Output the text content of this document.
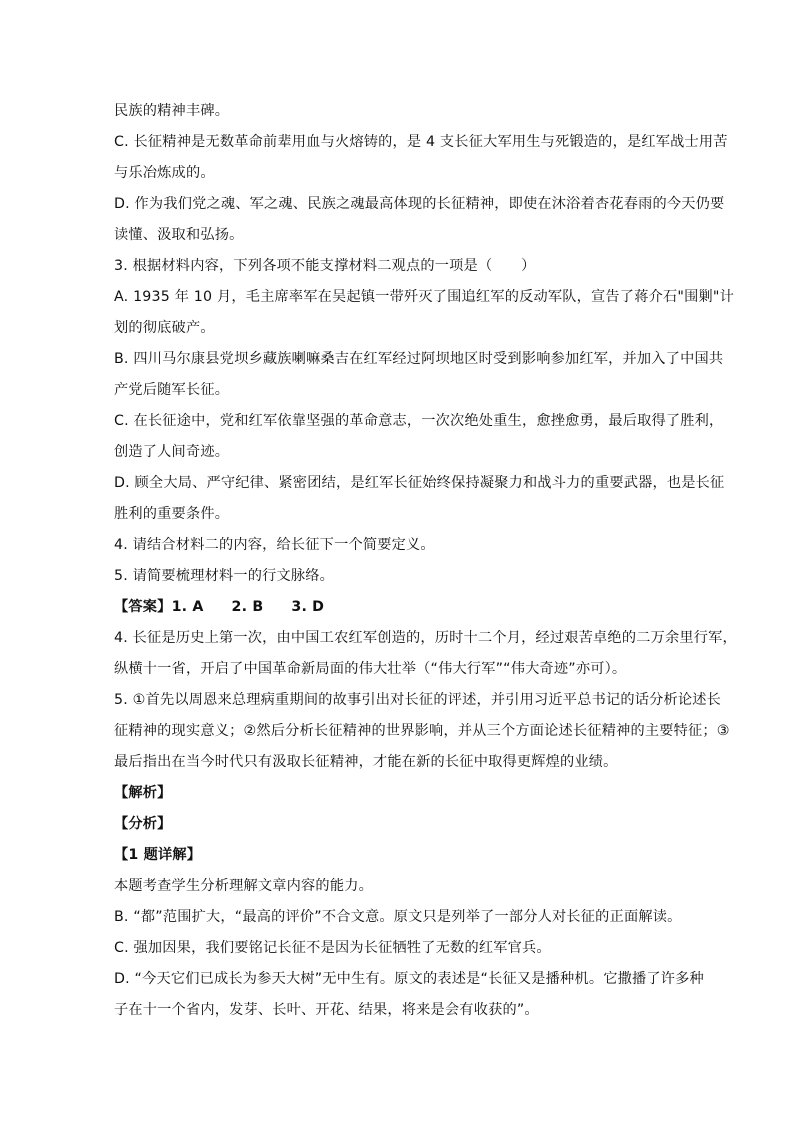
民族的精神丰碑。
C. 长征精神是无数革命前辈用血与火熔铸的，是 4 支长征大军用生与死锻造的，是红军战士用苦
与乐冶炼成的。
D. 作为我们党之魂、军之魂、民族之魂最高体现的长征精神，即使在沐浴着杏花春雨的今天仍要
读懂、汲取和弘扬。
3. 根据材料内容，下列各项不能支撑材料二观点的一项是（　　）
A. 1935 年 10 月，毛主席率军在吴起镇一带歼灭了围追红军的反动军队，宣告了蒋介石"围剿"计
划的彻底破产。
B. 四川马尔康县党坝乡藏族喇嘛桑吉在红军经过阿坝地区时受到影响参加红军，并加入了中国共
产党后随军长征。
C. 在长征途中，党和红军依靠坚强的革命意志，一次次绝处重生，愈挫愈勇，最后取得了胜利，
创造了人间奇迹。
D. 顾全大局、严守纪律、紧密团结，是红军长征始终保持凝聚力和战斗力的重要武器，也是长征
胜利的重要条件。
4. 请结合材料二的内容，给长征下一个简要定义。
5. 请简要梳理材料一的行文脉络。
【答案】1. A 2. B 3. D
4. 长征是历史上第一次，由中国工农红军创造的，历时十二个月，经过艰苦卓绝的二万余里行军，
纵横十一省，开启了中国革命新局面的伟大壮举（“伟大行军”“伟大奇迹”亦可）。
5. ①首先以周恩来总理病重期间的故事引出对长征的评述，并引用习近平总书记的话分析论述长
征精神的现实意义；②然后分析长征精神的世界影响，并从三个方面论述长征精神的主要特征；③
最后指出在当今时代只有汲取长征精神，才能在新的长征中取得更辉煌的业绩。
【解析】
【分析】
【1 题详解】
本题考查学生分析理解文章内容的能力。
B. “都”范围扩大，“最高的评价”不合文意。原文只是列举了一部分人对长征的正面解读。
C. 强加因果，我们要铭记长征不是因为长征牺牲了无数的红军官兵。
D. “今天它们已成长为参天大树”无中生有。原文的表述是“长征又是播种机。它撒播了许多种
子在十一个省内，发芽、长叶、开花、结果，将来是会有收获的”。
